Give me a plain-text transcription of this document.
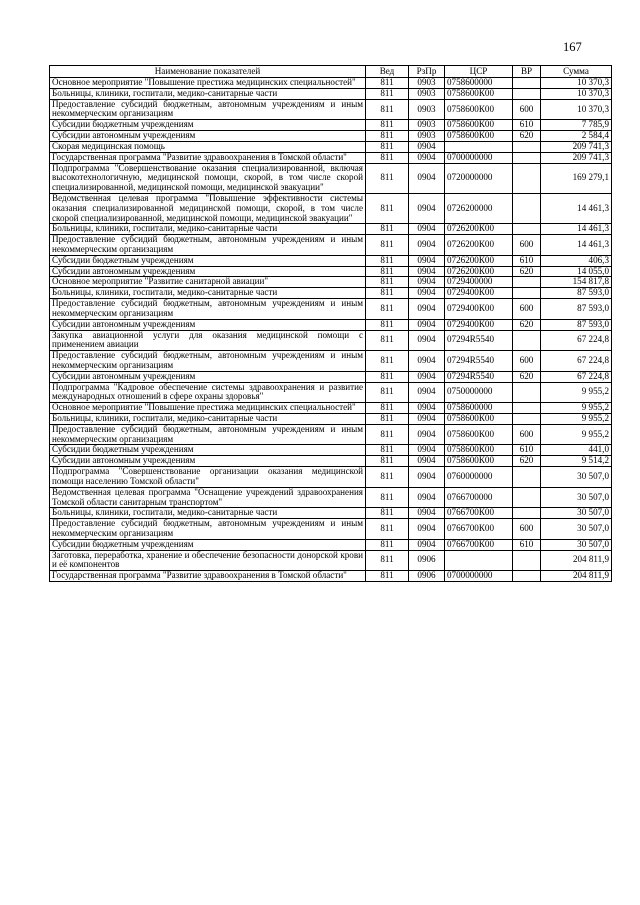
167
Наименование показателей	Вед	РзПр	ЦСР	ВР	Сумма
Основное мероприятие "Повышение престижа медицинских специальностей"	811	0903	0758600000		10 370,3
Больницы, клиники, госпитали, медико-санитарные части	811	0903	0758600К00		10 370,3
Предоставление субсидий бюджетным, автономным учреждениям и иным некоммерческим организациям	811	0903	0758600К00	600	10 370,3
Субсидии бюджетным учреждениям	811	0903	0758600К00	610	7 785,9
Субсидии автономным учреждениям	811	0903	0758600К00	620	2 584,4
Скорая медицинская помощь	811	0904			209 741,3
Государственная программа "Развитие здравоохранения в Томской области"	811	0904	0700000000		209 741,3
Подпрограмма "Совершенствование оказания специализированной, включая высокотехнологичную, медицинской помощи, скорой, в том числе скорой специализированной, медицинской помощи, медицинской эвакуации"	811	0904	0720000000		169 279,1
Ведомственная целевая программа "Повышение эффективности системы оказания специализированной медицинской помощи, скорой, в том числе скорой специализированной, медицинской помощи, медицинской эвакуации"	811	0904	0726200000		14 461,3
Больницы, клиники, госпитали, медико-санитарные части	811	0904	0726200К00		14 461,3
Предоставление субсидий бюджетным, автономным учреждениям и иным некоммерческим организациям	811	0904	0726200К00	600	14 461,3
Субсидии бюджетным учреждениям	811	0904	0726200К00	610	406,3
Субсидии автономным учреждениям	811	0904	0726200К00	620	14 055,0
Основное мероприятие "Развитие санитарной авиации"	811	0904	0729400000		154 817,8
Больницы, клиники, госпитали, медико-санитарные части	811	0904	0729400К00		87 593,0
Предоставление субсидий бюджетным, автономным учреждениям и иным некоммерческим организациям	811	0904	0729400К00	600	87 593,0
Субсидии автономным учреждениям	811	0904	0729400К00	620	87 593,0
Закупка авиационной услуги для оказания медицинской помощи с применением авиации	811	0904	07294R5540		67 224,8
Предоставление субсидий бюджетным, автономным учреждениям и иным некоммерческим организациям	811	0904	07294R5540	600	67 224,8
Субсидии автономным учреждениям	811	0904	07294R5540	620	67 224,8
Подпрограмма "Кадровое обеспечение системы здравоохранения и развитие международных отношений в сфере охраны здоровья"	811	0904	0750000000		9 955,2
Основное мероприятие "Повышение престижа медицинских специальностей"	811	0904	0758600000		9 955,2
Больницы, клиники, госпитали, медико-санитарные части	811	0904	0758600К00		9 955,2
Предоставление субсидий бюджетным, автономным учреждениям и иным некоммерческим организациям	811	0904	0758600К00	600	9 955,2
Субсидии бюджетным учреждениям	811	0904	0758600К00	610	441,0
Субсидии автономным учреждениям	811	0904	0758600К00	620	9 514,2
Подпрограмма "Совершенствование организации оказания медицинской помощи населению Томской области"	811	0904	0760000000		30 507,0
Ведомственная целевая программа "Оснащение учреждений здравоохранения Томской области санитарным транспортом"	811	0904	0766700000		30 507,0
Больницы, клиники, госпитали, медико-санитарные части	811	0904	0766700К00		30 507,0
Предоставление субсидий бюджетным, автономным учреждениям и иным некоммерческим организациям	811	0904	0766700К00	600	30 507,0
Субсидии бюджетным учреждениям	811	0904	0766700К00	610	30 507,0
Заготовка, переработка, хранение и обеспечение безопасности донорской крови и её компонентов	811	0906			204 811,9
Государственная программа "Развитие здравоохранения в Томской области"	811	0906	0700000000		204 811,9
